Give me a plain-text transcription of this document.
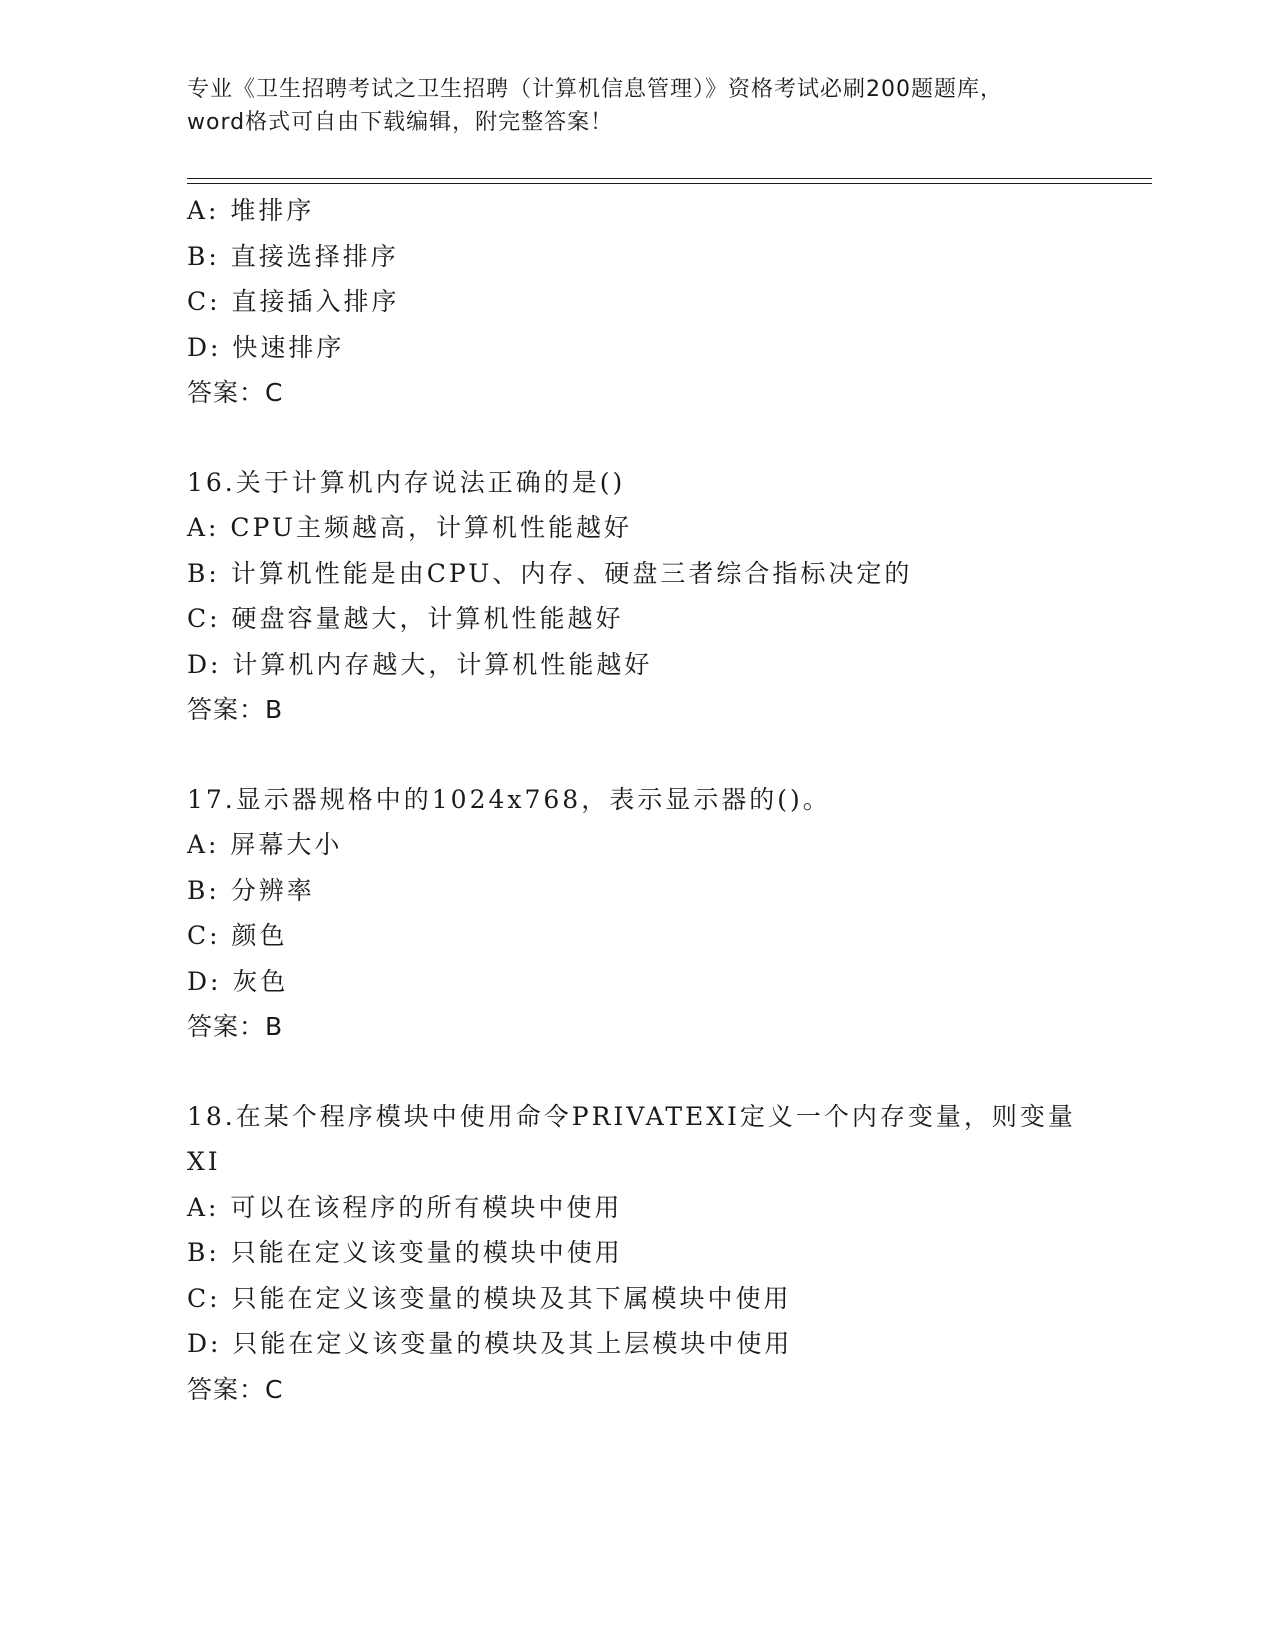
专业《卫生招聘考试之卫生招聘（计算机信息管理）》资格考试必刷200题题库，
word格式可自由下载编辑，附完整答案！
A: 堆排序
B: 直接选择排序
C: 直接插入排序
D: 快速排序
答案：C
16.关于计算机内存说法正确的是()
A: CPU主频越高，计算机性能越好
B: 计算机性能是由CPU、内存、硬盘三者综合指标决定的
C: 硬盘容量越大，计算机性能越好
D: 计算机内存越大，计算机性能越好
答案：B
17.显示器规格中的1024x768，表示显示器的()。
A: 屏幕大小
B: 分辨率
C: 颜色
D: 灰色
答案：B
18.在某个程序模块中使用命令PRIVATEXI定义一个内存变量，则变量
XI
A: 可以在该程序的所有模块中使用
B: 只能在定义该变量的模块中使用
C: 只能在定义该变量的模块及其下属模块中使用
D: 只能在定义该变量的模块及其上层模块中使用
答案：C
